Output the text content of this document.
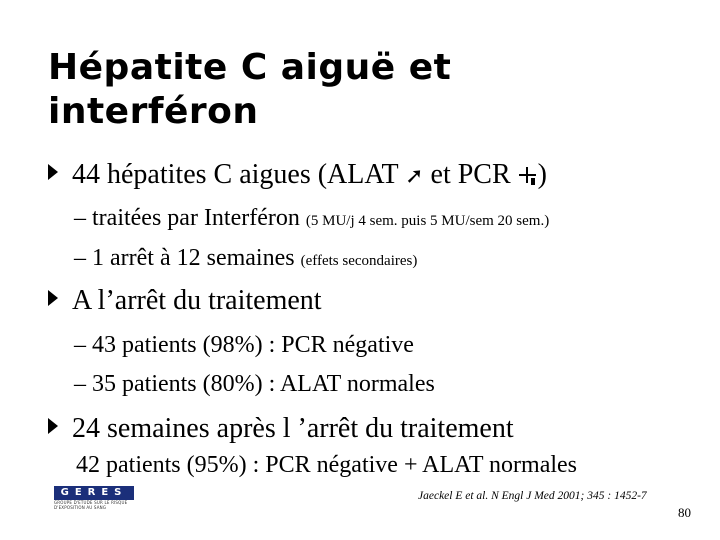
Hépatite C aiguë et
interféron
44 hépatites C aigues (ALAT ➚ et PCR
)
– traitées par Interféron (5 MU/j 4 sem. puis 5 MU/sem 20 sem.)
– 1 arrêt à 12 semaines (effets secondaires)
A l’arrêt du traitement
– 43 patients (98%) : PCR négative
– 35 patients (80%) : ALAT normales
24 semaines après l ’arrêt du traitement
42 patients (95%) : PCR négative + ALAT normales
GERES
GROUPE D'ETUDE SUR LE RISQUE
D'EXPOSITION AU SANG
Jaeckel E et al. N Engl J Med 2001; 345 : 1452-7
80
